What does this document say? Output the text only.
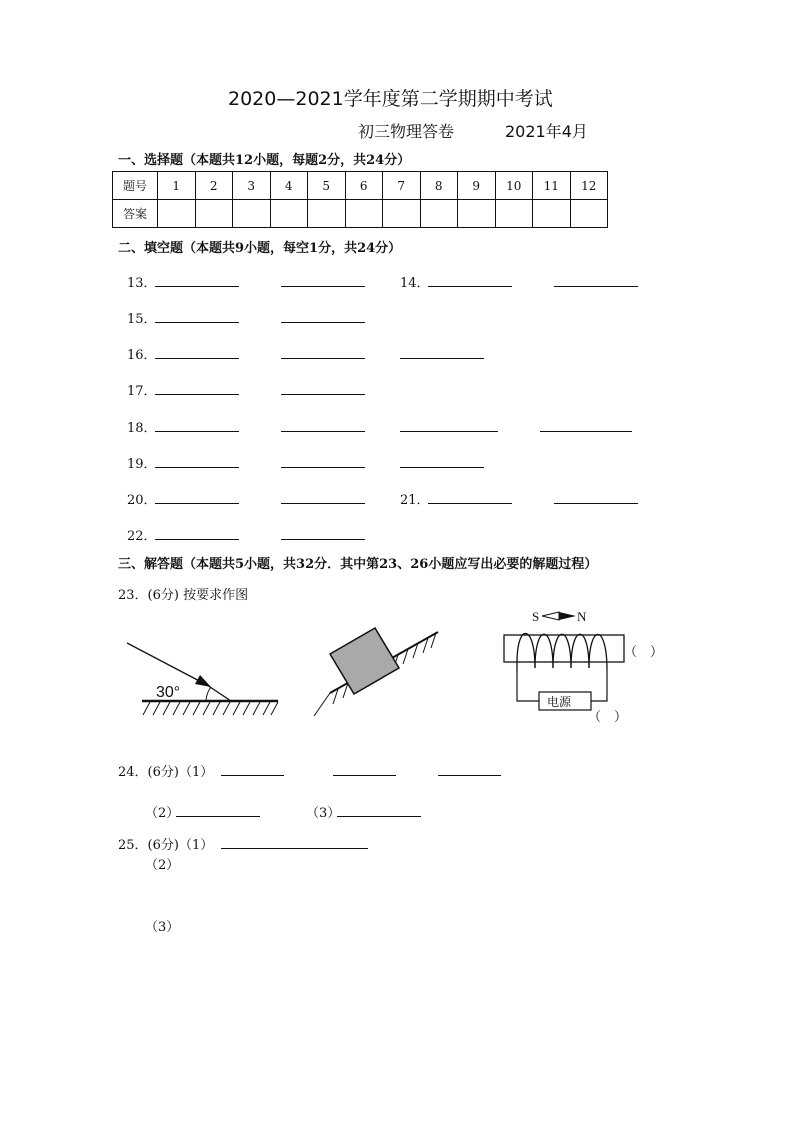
2020—2021学年度第二学期期中考试
初三物理答卷	2021年4月
一、选择题（本题共12小题，每题2分，共24分）
题号	1	2	3	4	5	6	7	8	9	10	11	12
答案												
二、填空题（本题共9小题，每空1分，共24分）
13．	14．
15．
16．
17．
18．
19．
20．	21．
22．
三、解答题（本题共5小题，共32分．其中第23、26小题应写出必要的解题过程）
23．(6分) 按要求作图
30°
S	N
电源
（　）
（　）
24．(6分)（1）
（2）	（3）
25．(6分)（1）
（2）
（3）
